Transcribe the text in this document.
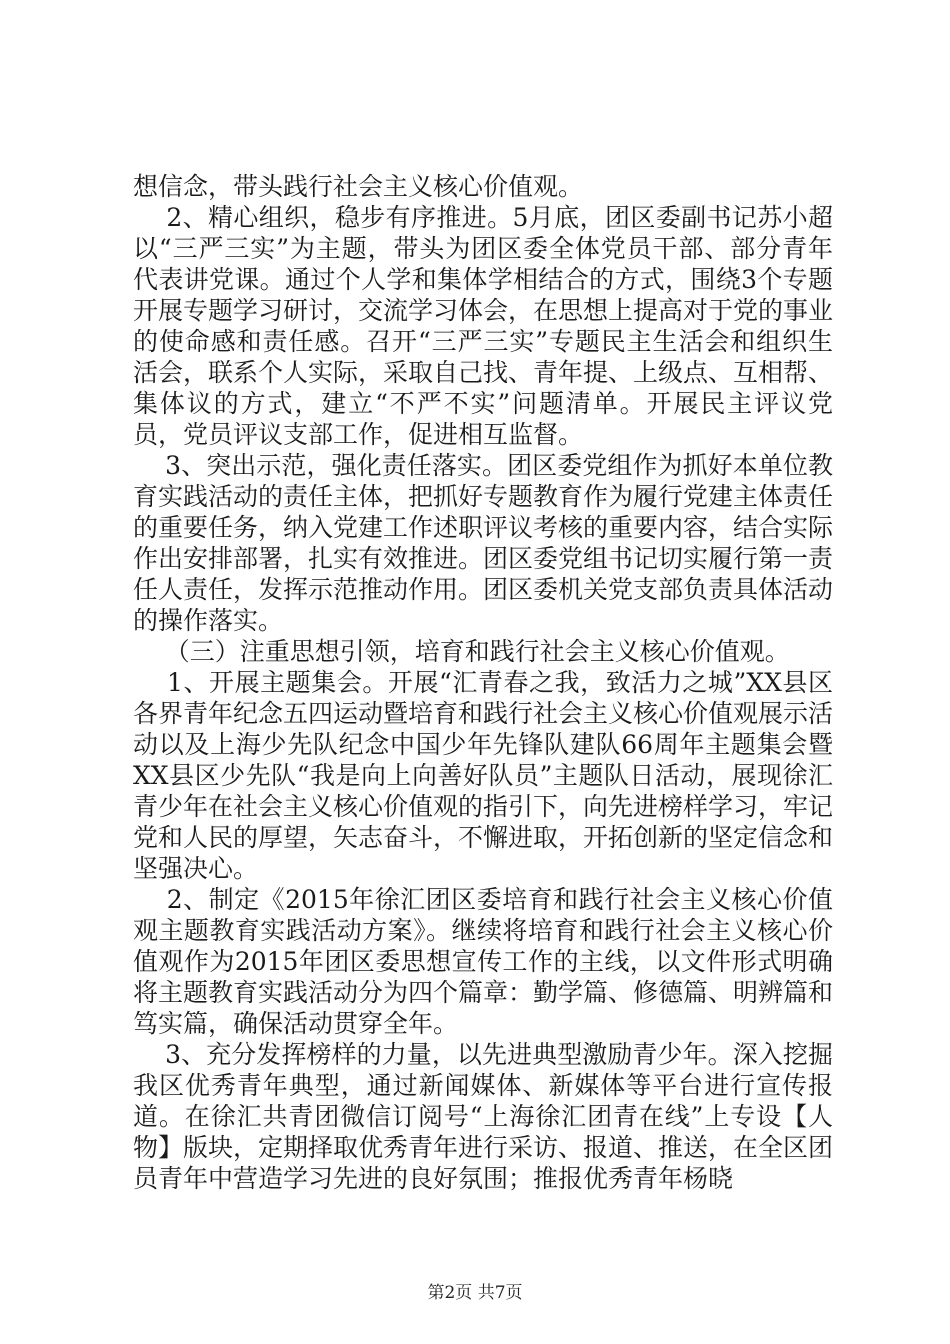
想信念，带头践行社会主义核心价值观。

2、精心组织，稳步有序推进。5月底，团区委副书记苏小超以“三严三实”为主题，带头为团区委全体党员干部、部分青年代表讲党课。通过个人学和集体学相结合的方式，围绕3个专题开展专题学习研讨，交流学习体会，在思想上提高对于党的事业的使命感和责任感。召开“三严三实”专题民主生活会和组织生活会，联系个人实际，采取自己找、青年提、上级点、互相帮、集体议的方式，建立“不严不实”问题清单。开展民主评议党员，党员评议支部工作，促进相互监督。

3、突出示范，强化责任落实。团区委党组作为抓好本单位教育实践活动的责任主体，把抓好专题教育作为履行党建主体责任的重要任务，纳入党建工作述职评议考核的重要内容，结合实际作出安排部署，扎实有效推进。团区委党组书记切实履行第一责任人责任，发挥示范推动作用。团区委机关党支部负责具体活动的操作落实。

（三）注重思想引领，培育和践行社会主义核心价值观。

1、开展主题集会。开展“汇青春之我，致活力之城”XX县区各界青年纪念五四运动暨培育和践行社会主义核心价值观展示活动以及上海少先队纪念中国少年先锋队建队66周年主题集会暨XX县区少先队“我是向上向善好队员”主题队日活动，展现徐汇青少年在社会主义核心价值观的指引下，向先进榜样学习，牢记党和人民的厚望，矢志奋斗，不懈进取，开拓创新的坚定信念和坚强决心。

2、制定《2015年徐汇团区委培育和践行社会主义核心价值观主题教育实践活动方案》。继续将培育和践行社会主义核心价值观作为2015年团区委思想宣传工作的主线，以文件形式明确将主题教育实践活动分为四个篇章：勤学篇、修德篇、明辨篇和笃实篇，确保活动贯穿全年。

3、充分发挥榜样的力量，以先进典型激励青少年。深入挖掘我区优秀青年典型，通过新闻媒体、新媒体等平台进行宣传报道。在徐汇共青团微信订阅号“上海徐汇团青在线”上专设【人物】版块，定期择取优秀青年进行采访、报道、推送，在全区团员青年中营造学习先进的良好氛围；推报优秀青年杨晓

第2页 共7页
